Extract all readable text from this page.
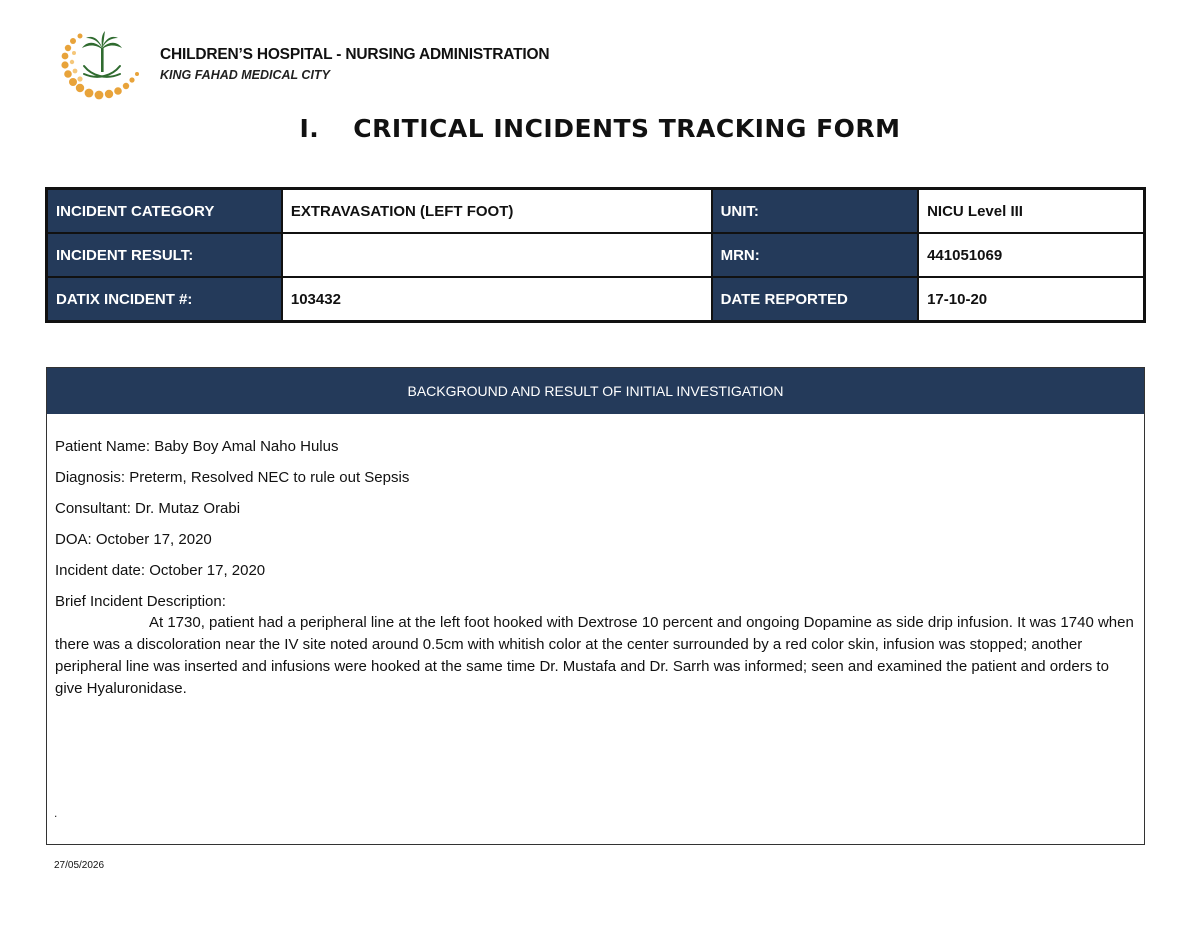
CHILDREN’S HOSPITAL - NURSING ADMINISTRATION
KING FAHAD MEDICAL CITY
I. CRITICAL INCIDENTS TRACKING FORM
INCIDENT CATEGORY	EXTRAVASATION (LEFT FOOT)	UNIT:	NICU Level III
INCIDENT RESULT:		MRN:	441051069
DATIX INCIDENT #:	103432	DATE REPORTED	17-10-20
BACKGROUND AND RESULT OF INITIAL INVESTIGATION

Patient Name: Baby Boy Amal Naho Hulus

Diagnosis: Preterm, Resolved NEC to rule out Sepsis

Consultant: Dr. Mutaz Orabi

DOA: October 17, 2020

Incident date: October 17, 2020

Brief Incident Description:

At 1730, patient had a peripheral line at the left foot hooked with Dextrose 10 percent and ongoing Dopamine as side drip infusion. It was 1740 when there was a discoloration near the IV site noted around 0.5cm with whitish color at the center surrounded by a red color skin, infusion was stopped; another peripheral line was inserted and infusions were hooked at the same time Dr. Mustafa and Dr. Sarrh was informed; seen and examined the patient and orders to give Hyaluronidase.

.
27/05/2026
